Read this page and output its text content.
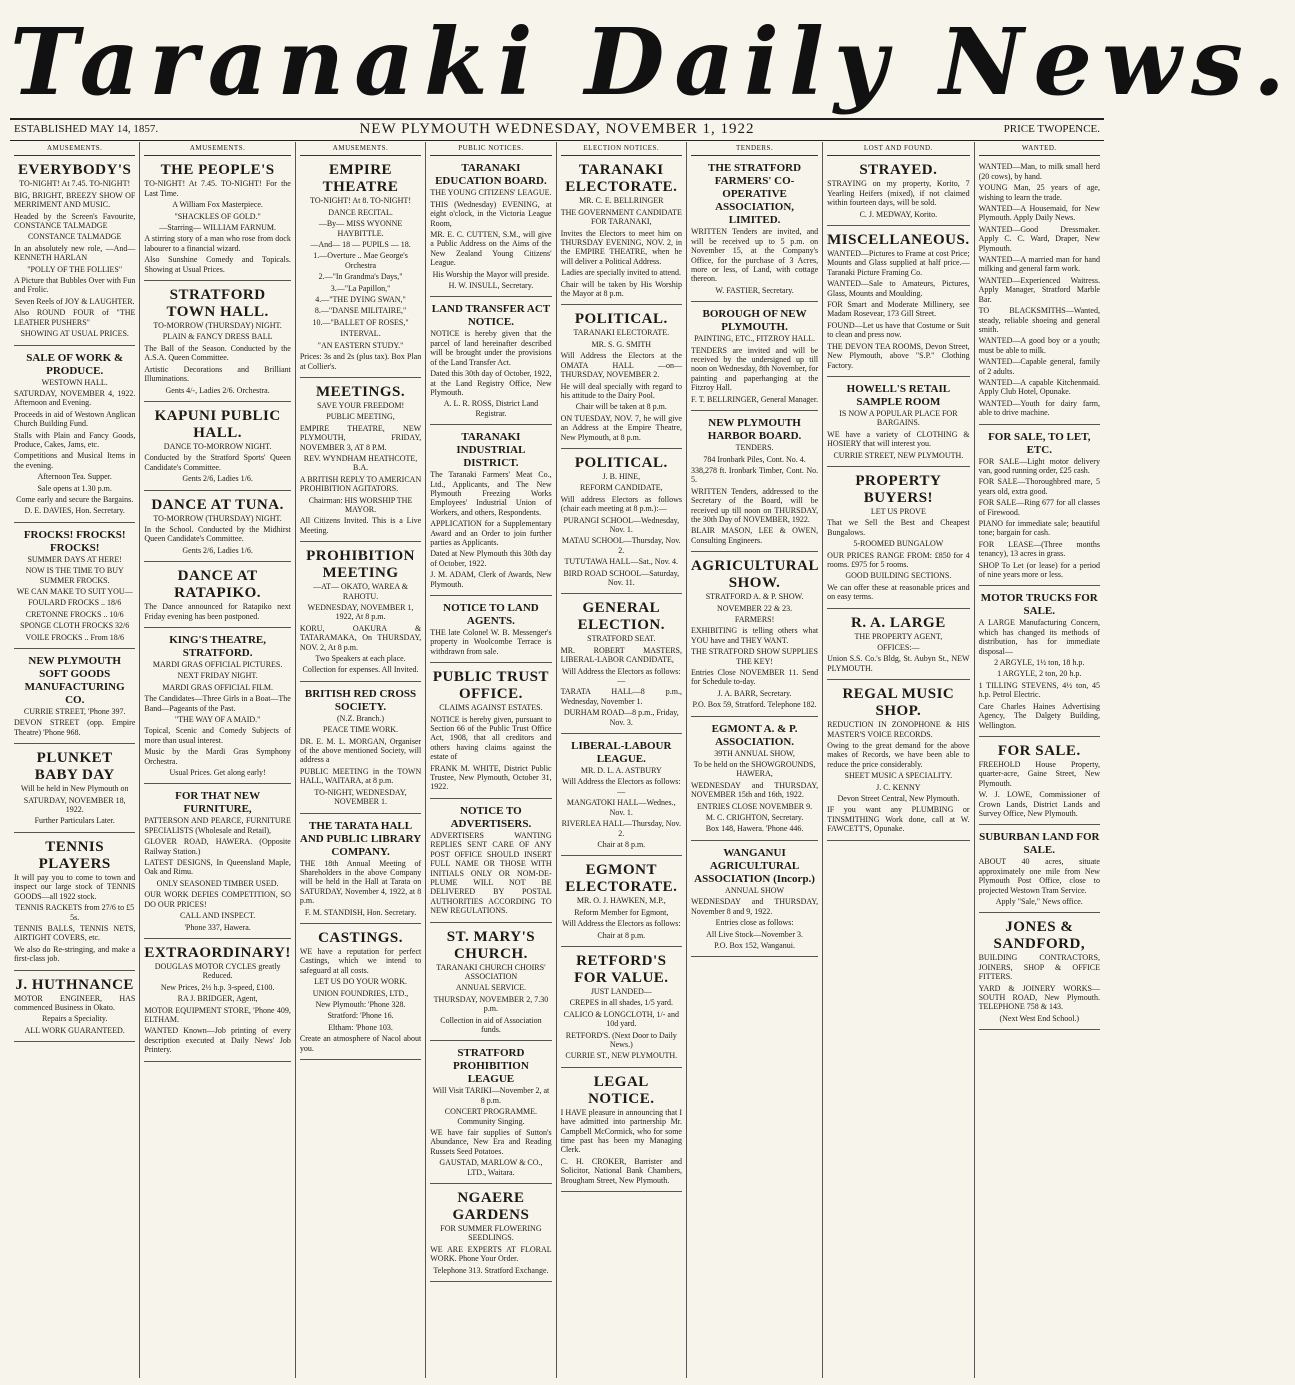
Taranaki Daily News.
ESTABLISHED MAY 14, 1857.	NEW PLYMOUTH WEDNESDAY, NOVEMBER 1, 1922	PRICE TWOPENCE.
AMUSEMENTS.
EVERYBODY'S

TO-NIGHT! At 7.45. TO-NIGHT!

BIG, BRIGHT, BREEZY SHOW OF MERRIMENT AND MUSIC.

Headed by the Screen's Favourite, CONSTANCE TALMADGE

CONSTANCE TALMADGE

In an absolutely new role, —And— KENNETH HARLAN

"POLLY OF THE FOLLIES"

A Picture that Bubbles Over with Fun and Frolic.

Seven Reels of JOY & LAUGHTER.

Also ROUND FOUR of "THE LEATHER PUSHERS"

SHOWING AT USUAL PRICES.

SALE OF WORK & PRODUCE.

WESTOWN HALL.

SATURDAY, NOVEMBER 4, 1922. Afternoon and Evening.

Proceeds in aid of Westown Anglican Church Building Fund.

Stalls with Plain and Fancy Goods, Produce, Cakes, Jams, etc.

Competitions and Musical Items in the evening.

Afternoon Tea. Supper.

Sale opens at 1.30 p.m.

Come early and secure the Bargains.

D. E. DAVIES, Hon. Secretary.

FROCKS! FROCKS! FROCKS!

SUMMER DAYS AT HERE!

NOW IS THE TIME TO BUY SUMMER FROCKS.

WE CAN MAKE TO SUIT YOU—

FOULARD FROCKS .. 18/6

CRETONNE FROCKS .. 10/6

SPONGE CLOTH FROCKS 32/6

VOILE FROCKS .. From 18/6

NEW PLYMOUTH SOFT GOODS MANUFACTURING CO.

CURRIE STREET, 'Phone 397.

DEVON STREET (opp. Empire Theatre) 'Phone 968.

PLUNKET BABY DAY

Will be held in New Plymouth on

SATURDAY, NOVEMBER 18, 1922.

Further Particulars Later.

TENNIS PLAYERS

It will pay you to come to town and inspect our large stock of TENNIS GOODS—all 1922 stock.

TENNIS RACKETS from 27/6 to £5 5s.

TENNIS BALLS, TENNIS NETS, AIRTIGHT COVERS, etc.

We also do Re-stringing, and make a first-class job.

J. HUTHNANCE

MOTOR ENGINEER, HAS commenced Business in Okato.

Repairs a Speciality.

ALL WORK GUARANTEED.

AMUSEMENTS.
THE PEOPLE'S

TO-NIGHT! At 7.45. TO-NIGHT! For the Last Time.

A William Fox Masterpiece.

"SHACKLES OF GOLD."

—Starring— WILLIAM FARNUM.

A stirring story of a man who rose from dock labourer to a financial wizard.

Also Sunshine Comedy and Topicals. Showing at Usual Prices.

STRATFORD TOWN HALL.

TO-MORROW (THURSDAY) NIGHT.

PLAIN & FANCY DRESS BALL

The Ball of the Season. Conducted by the A.S.A. Queen Committee.

Artistic Decorations and Brilliant Illuminations.

Gents 4/-, Ladies 2/6. Orchestra.

KAPUNI PUBLIC HALL.

DANCE TO-MORROW NIGHT.

Conducted by the Stratford Sports' Queen Candidate's Committee.

Gents 2/6, Ladies 1/6.

DANCE AT TUNA.

TO-MORROW (THURSDAY) NIGHT.

In the School. Conducted by the Midhirst Queen Candidate's Committee.

Gents 2/6, Ladies 1/6.

DANCE AT RATAPIKO.

The Dance announced for Ratapiko next Friday evening has been postponed.

KING'S THEATRE, STRATFORD.

MARDI GRAS OFFICIAL PICTURES.

NEXT FRIDAY NIGHT.

MARDI GRAS OFFICIAL FILM.

The Candidates—Three Girls in a Boat—The Band—Pageants of the Past.

"THE WAY OF A MAID."

Topical, Scenic and Comedy Subjects of more than usual interest.

Music by the Mardi Gras Symphony Orchestra.

Usual Prices. Get along early!

FOR THAT NEW FURNITURE,

PATTERSON AND PEARCE, FURNITURE SPECIALISTS (Wholesale and Retail),

GLOVER ROAD, HAWERA. (Opposite Railway Station.)

LATEST DESIGNS, In Queensland Maple, Oak and Rimu.

ONLY SEASONED TIMBER USED.

OUR WORK DEFIES COMPETITION, SO DO OUR PRICES!

CALL AND INSPECT.

'Phone 337, Hawera.

EXTRAORDINARY!

DOUGLAS MOTOR CYCLES greatly Reduced.

New Prices, 2½ h.p. 3-speed, £100.

RA J. BRIDGER, Agent,

MOTOR EQUIPMENT STORE, 'Phone 409, ELTHAM.

WANTED Known—Job printing of every description executed at Daily News' Job Printery.

AMUSEMENTS.
EMPIRE THEATRE

TO-NIGHT! At 8. TO-NIGHT!

DANCE RECITAL.

—By— MISS WYONNE HAYBITTLE.

—And— 18 — PUPILS — 18.

1.—Overture .. Mae George's Orchestra

2.—"In Grandma's Days,"

3.—"La Papillon,"

4.—"THE DYING SWAN,"

8.—"DANSE MILITAIRE,"

10.—"BALLET OF ROSES,"

INTERVAL.

"AN EASTERN STUDY."

Prices: 3s and 2s (plus tax). Box Plan at Collier's.

MEETINGS.

SAVE YOUR FREEDOM!

PUBLIC MEETING,

EMPIRE THEATRE, NEW PLYMOUTH, FRIDAY, NOVEMBER 3, AT 8 P.M.

REV. WYNDHAM HEATHCOTE, B.A.

A BRITISH REPLY TO AMERICAN PROHIBITION AGITATORS.

Chairman: HIS WORSHIP THE MAYOR.

All Citizens Invited. This is a Live Meeting.

PROHIBITION MEETING

—AT— OKATO, WAREA & RAHOTU.

WEDNESDAY, NOVEMBER 1, 1922, At 8 p.m.

KORU, OAKURA & TATARAMAKA, On THURSDAY, NOV. 2, At 8 p.m.

Two Speakers at each place.

Collection for expenses. All Invited.

BRITISH RED CROSS SOCIETY.

(N.Z. Branch.)

PEACE TIME WORK.

DR. E. M. L. MORGAN, Organiser of the above mentioned Society, will address a

PUBLIC MEETING in the TOWN HALL, WAITARA, at 8 p.m.

TO-NIGHT, WEDNESDAY, NOVEMBER 1.

THE TARATA HALL AND PUBLIC LIBRARY COMPANY.

THE 18th Annual Meeting of Shareholders in the above Company will be held in the Hall at Tarata on SATURDAY, November 4, 1922, at 8 p.m.

F. M. STANDISH, Hon. Secretary.

CASTINGS.

WE have a reputation for perfect Castings, which we intend to safeguard at all costs.

LET US DO YOUR WORK.

UNION FOUNDRIES, LTD.,

New Plymouth: 'Phone 328.

Stratford: 'Phone 16.

Eltham: 'Phone 103.

Create an atmosphere of Nacol about you.

PUBLIC NOTICES.
TARANAKI EDUCATION BOARD.

THE YOUNG CITIZENS' LEAGUE.

THIS (Wednesday) EVENING, at eight o'clock, in the Victoria League Room,

MR. E. C. CUTTEN, S.M., will give a Public Address on the Aims of the New Zealand Young Citizens' League.

His Worship the Mayor will preside.

H. W. INSULL, Secretary.

LAND TRANSFER ACT NOTICE.

NOTICE is hereby given that the parcel of land hereinafter described will be brought under the provisions of the Land Transfer Act.

Dated this 30th day of October, 1922, at the Land Registry Office, New Plymouth.

A. L. R. ROSS, District Land Registrar.

TARANAKI INDUSTRIAL DISTRICT.

The Taranaki Farmers' Meat Co., Ltd., Applicants, and The New Plymouth Freezing Works Employees' Industrial Union of Workers, and others, Respondents.

APPLICATION for a Supplementary Award and an Order to join further parties as Applicants.

Dated at New Plymouth this 30th day of October, 1922.

J. M. ADAM, Clerk of Awards, New Plymouth.

NOTICE TO LAND AGENTS.

THE late Colonel W. B. Messenger's property in Woolcombe Terrace is withdrawn from sale.

PUBLIC TRUST OFFICE.

CLAIMS AGAINST ESTATES.

NOTICE is hereby given, pursuant to Section 66 of the Public Trust Office Act, 1908, that all creditors and others having claims against the estate of

FRANK M. WHITE, District Public Trustee, New Plymouth, October 31, 1922.

NOTICE TO ADVERTISERS.

ADVERTISERS WANTING REPLIES SENT CARE OF ANY POST OFFICE SHOULD INSERT FULL NAME OR THOSE WITH INITIALS ONLY OR NOM-DE-PLUME WILL NOT BE DELIVERED BY POSTAL AUTHORITIES ACCORDING TO NEW REGULATIONS.

ST. MARY'S CHURCH.

TARANAKI CHURCH CHOIRS' ASSOCIATION

ANNUAL SERVICE.

THURSDAY, NOVEMBER 2, 7.30 p.m.

Collection in aid of Association funds.

STRATFORD PROHIBITION LEAGUE

Will Visit TARIKI—November 2, at 8 p.m.

CONCERT PROGRAMME. Community Singing.

WE have fair supplies of Sutton's Abundance, New Era and Reading Russets Seed Potatoes.

GAUSTAD, MARLOW & CO., LTD., Waitara.

NGAERE GARDENS

FOR SUMMER FLOWERING SEEDLINGS.

WE ARE EXPERTS AT FLORAL WORK. Phone Your Order.

Telephone 313. Stratford Exchange.

ELECTION NOTICES.
TARANAKI ELECTORATE.

MR. C. E. BELLRINGER

THE GOVERNMENT CANDIDATE FOR TARANAKI,

Invites the Electors to meet him on THURSDAY EVENING, NOV. 2, in the EMPIRE THEATRE, when he will deliver a Political Address.

Ladies are specially invited to attend.

Chair will be taken by His Worship the Mayor at 8 p.m.

POLITICAL.

TARANAKI ELECTORATE.

MR. S. G. SMITH

Will Address the Electors at the OMATA HALL —on— THURSDAY, NOVEMBER 2.

He will deal specially with regard to his attitude to the Dairy Pool.

Chair will be taken at 8 p.m.

ON TUESDAY, NOV. 7, he will give an Address at the Empire Theatre, New Plymouth, at 8 p.m.

POLITICAL.

J. B. HINE,

REFORM CANDIDATE,

Will address Electors as follows (chair each meeting at 8 p.m.):—

PURANGI SCHOOL—Wednesday, Nov. 1.

MATAU SCHOOL—Thursday, Nov. 2.

TUTUTAWA HALL—Sat., Nov. 4.

BIRD ROAD SCHOOL—Saturday, Nov. 11.

GENERAL ELECTION.

STRATFORD SEAT.

MR. ROBERT MASTERS, LIBERAL-LABOR CANDIDATE,

Will Address the Electors as follows:—

TARATA HALL—8 p.m., Wednesday, November 1.

DURHAM ROAD—8 p.m., Friday, Nov. 3.

LIBERAL-LABOUR LEAGUE.

MR. D. L. A. ASTBURY

Will Address the Electors as follows:—

MANGATOKI HALL—Wednes., Nov. 1.

RIVERLEA HALL—Thursday, Nov. 2.

Chair at 8 p.m.

EGMONT ELECTORATE.

MR. O. J. HAWKEN, M.P.,

Reform Member for Egmont,

Will Address the Electors as follows:

Chair at 8 p.m.

RETFORD'S FOR VALUE.

JUST LANDED—

CREPES in all shades, 1/5 yard.

CALICO & LONGCLOTH, 1/- and 10d yard.

RETFORD'S. (Next Door to Daily News.)

CURRIE ST., NEW PLYMOUTH.

LEGAL NOTICE.

I HAVE pleasure in announcing that I have admitted into partnership Mr. Campbell McCormick, who for some time past has been my Managing Clerk.

C. H. CROKER, Barrister and Solicitor, National Bank Chambers, Brougham Street, New Plymouth.

TENDERS.
THE STRATFORD FARMERS' CO-OPERATIVE ASSOCIATION, LIMITED.

WRITTEN Tenders are invited, and will be received up to 5 p.m. on November 15, at the Company's Office, for the purchase of 3 Acres, more or less, of Land, with cottage thereon.

W. FASTIER, Secretary.

BOROUGH OF NEW PLYMOUTH.

PAINTING, ETC., FITZROY HALL.

TENDERS are invited and will be received by the undersigned up till noon on Wednesday, 8th November, for painting and paperhanging at the Fitzroy Hall.

F. T. BELLRINGER, General Manager.

NEW PLYMOUTH HARBOR BOARD.

TENDERS.

784 Ironbark Piles, Cont. No. 4.

338,278 ft. Ironbark Timber, Cont. No. 5.

WRITTEN Tenders, addressed to the Secretary of the Board, will be received up till noon on THURSDAY, the 30th Day of NOVEMBER, 1922.

BLAIR MASON, LEE & OWEN, Consulting Engineers.

AGRICULTURAL SHOW.

STRATFORD A. & P. SHOW.

NOVEMBER 22 & 23.

FARMERS!

EXHIBITING is telling others what YOU have and THEY WANT.

THE STRATFORD SHOW SUPPLIES THE KEY!

Entries Close NOVEMBER 11. Send for Schedule to-day.

J. A. BARR, Secretary.

P.O. Box 59, Stratford. Telephone 182.

EGMONT A. & P. ASSOCIATION.

39TH ANNUAL SHOW,

To be held on the SHOWGROUNDS, HAWERA,

WEDNESDAY and THURSDAY, NOVEMBER 15th and 16th, 1922.

ENTRIES CLOSE NOVEMBER 9.

M. C. CRIGHTON, Secretary.

Box 148, Hawera. 'Phone 446.

WANGANUI AGRICULTURAL ASSOCIATION (Incorp.)

ANNUAL SHOW

WEDNESDAY and THURSDAY, November 8 and 9, 1922.

Entries close as follows:

All Live Stock—November 3.

P.O. Box 152, Wanganui.

LOST AND FOUND.
STRAYED.

STRAYING on my property, Korito, 7 Yearling Heifers (mixed), if not claimed within fourteen days, will be sold.

C. J. MEDWAY, Korito.

MISCELLANEOUS.

WANTED—Pictures to Frame at cost Price; Mounts and Glass supplied at half price.—Taranaki Picture Framing Co.

WANTED—Sale to Amateurs, Pictures, Glass, Mounts and Moulding.

FOR Smart and Moderate Millinery, see Madam Rosevear, 173 Gill Street.

FOUND—Let us have that Costume or Suit to clean and press now.

THE DEVON TEA ROOMS, Devon Street, New Plymouth, above "S.P." Clothing Factory.

HOWELL'S RETAIL SAMPLE ROOM

IS NOW A POPULAR PLACE FOR BARGAINS.

WE have a variety of CLOTHING & HOSIERY that will interest you.

CURRIE STREET, NEW PLYMOUTH.

PROPERTY BUYERS!

LET US PROVE

That we Sell the Best and Cheapest Bungalows.

5-ROOMED BUNGALOW

OUR PRICES RANGE FROM: £850 for 4 rooms. £975 for 5 rooms.

GOOD BUILDING SECTIONS.

We can offer these at reasonable prices and on easy terms.

R. A. LARGE

THE PROPERTY AGENT,

OFFICES:—

Union S.S. Co.'s Bldg, St. Aubyn St., NEW PLYMOUTH.

REGAL MUSIC SHOP.

REDUCTION IN ZONOPHONE & HIS MASTER'S VOICE RECORDS.

Owing to the great demand for the above makes of Records, we have been able to reduce the price considerably.

SHEET MUSIC A SPECIALITY.

J. C. KENNY

Devon Street Central, New Plymouth.

IF you want any PLUMBING or TINSMITHING Work done, call at W. FAWCETT'S, Opunake.

WANTED.

WANTED—Man, to milk small herd (20 cows), by hand.

YOUNG Man, 25 years of age, wishing to learn the trade.

WANTED—A Housemaid, for New Plymouth. Apply Daily News.

WANTED—Good Dressmaker. Apply C. C. Ward, Draper, New Plymouth.

WANTED—A married man for hand milking and general farm work.

WANTED—Experienced Waitress. Apply Manager, Stratford Marble Bar.

TO BLACKSMITHS—Wanted, steady, reliable shoeing and general smith.

WANTED—A good boy or a youth; must be able to milk.

WANTED—Capable general, family of 2 adults.

WANTED—A capable Kitchenmaid. Apply Club Hotel, Opunake.

WANTED—Youth for dairy farm, able to drive machine.

FOR SALE, TO LET, ETC.

FOR SALE—Light motor delivery van, good running order, £25 cash.

FOR SALE—Thoroughbred mare, 5 years old, extra good.

FOR SALE—Ring 677 for all classes of Firewood.

PIANO for immediate sale; beautiful tone; bargain for cash.

FOR LEASE—(Three months tenancy), 13 acres in grass.

SHOP To Let (or lease) for a period of nine years more or less.

MOTOR TRUCKS FOR SALE.

A LARGE Manufacturing Concern, which has changed its methods of distribution, has for immediate disposal—

2 ARGYLE, 1½ ton, 18 h.p.

1 ARGYLE, 2 ton, 20 h.p.

1 TILLING STEVENS, 4½ ton, 45 h.p. Petrol Electric.

Care Charles Haines Advertising Agency, The Dalgety Building, Wellington.

FOR SALE.

FREEHOLD House Property, quarter-acre, Gaine Street, New Plymouth.

W. J. LOWE, Commissioner of Crown Lands, District Lands and Survey Office, New Plymouth.

SUBURBAN LAND FOR SALE.

ABOUT 40 acres, situate approximately one mile from New Plymouth Post Office, close to projected Westown Tram Service.

Apply "Sale," News office.

JONES & SANDFORD,

BUILDING CONTRACTORS, JOINERS, SHOP & OFFICE FITTERS.

YARD & JOINERY WORKS— SOUTH ROAD, New Plymouth. TELEPHONE 758 & 143.

(Next West End School.)
